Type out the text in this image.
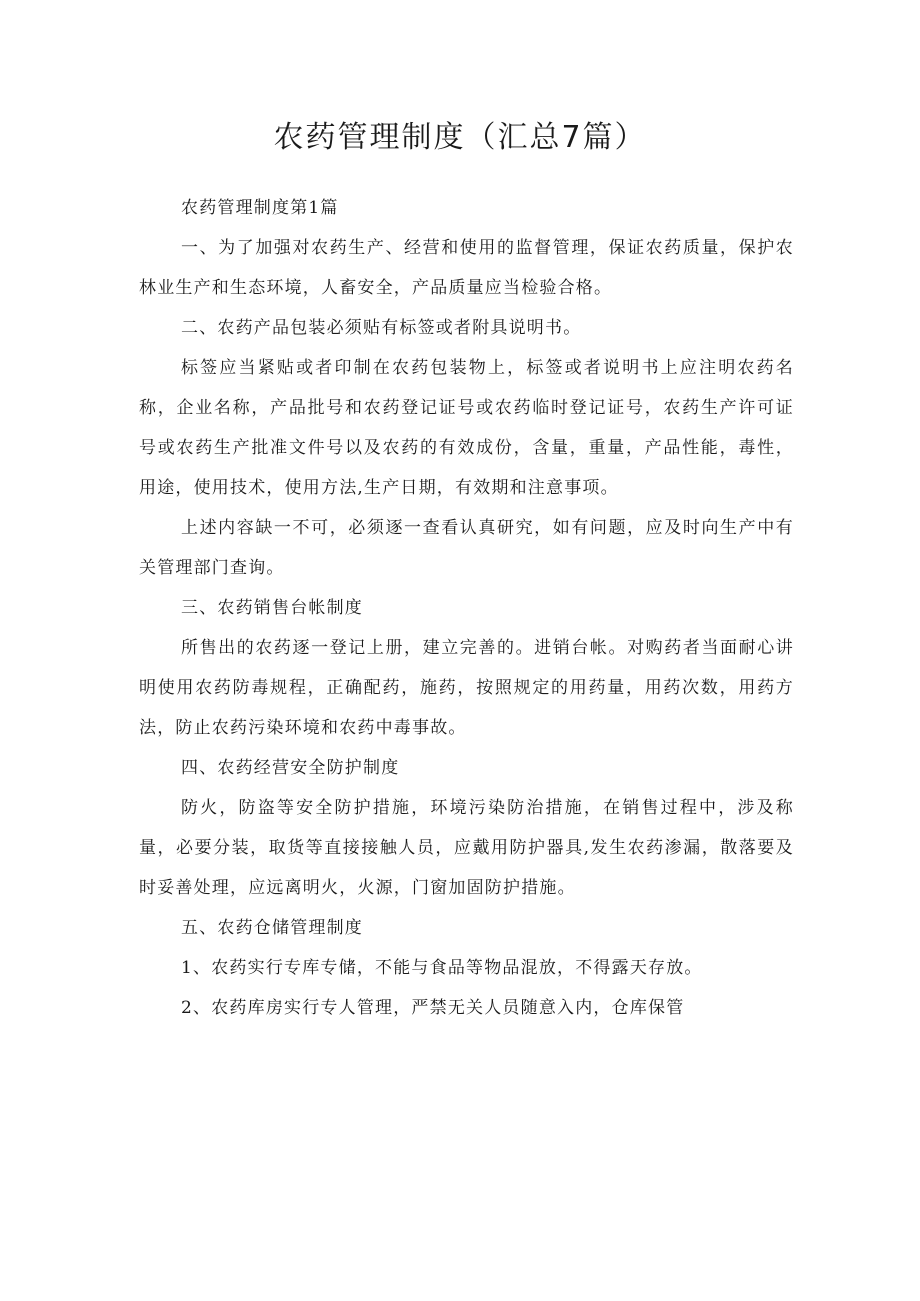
农药管理制度（汇总7篇）

农药管理制度第1篇

一、为了加强对农药生产、经营和使用的监督管理，保证农药质量，保护农林业生产和生态环境，人畜安全，产品质量应当检验合格。

二、农药产品包装必须贴有标签或者附具说明书。

标签应当紧贴或者印制在农药包装物上，标签或者说明书上应注明农药名称，企业名称，产品批号和农药登记证号或农药临时登记证号，农药生产许可证号或农药生产批准文件号以及农药的有效成份，含量，重量，产品性能，毒性，用途，使用技术，使用方法,生产日期，有效期和注意事项。

上述内容缺一不可，必须逐一查看认真研究，如有问题，应及时向生产中有关管理部门查询。

三、农药销售台帐制度

所售出的农药逐一登记上册，建立完善的。进销台帐。对购药者当面耐心讲明使用农药防毒规程，正确配药，施药，按照规定的用药量，用药次数，用药方法，防止农药污染环境和农药中毒事故。

四、农药经营安全防护制度

防火，防盗等安全防护措施，环境污染防治措施，在销售过程中，涉及称量，必要分装，取货等直接接触人员，应戴用防护器具,发生农药渗漏，散落要及时妥善处理，应远离明火，火源，门窗加固防护措施。

五、农药仓储管理制度

1、农药实行专库专储，不能与食品等物品混放，不得露天存放。

2、农药库房实行专人管理，严禁无关人员随意入内，仓库保管
